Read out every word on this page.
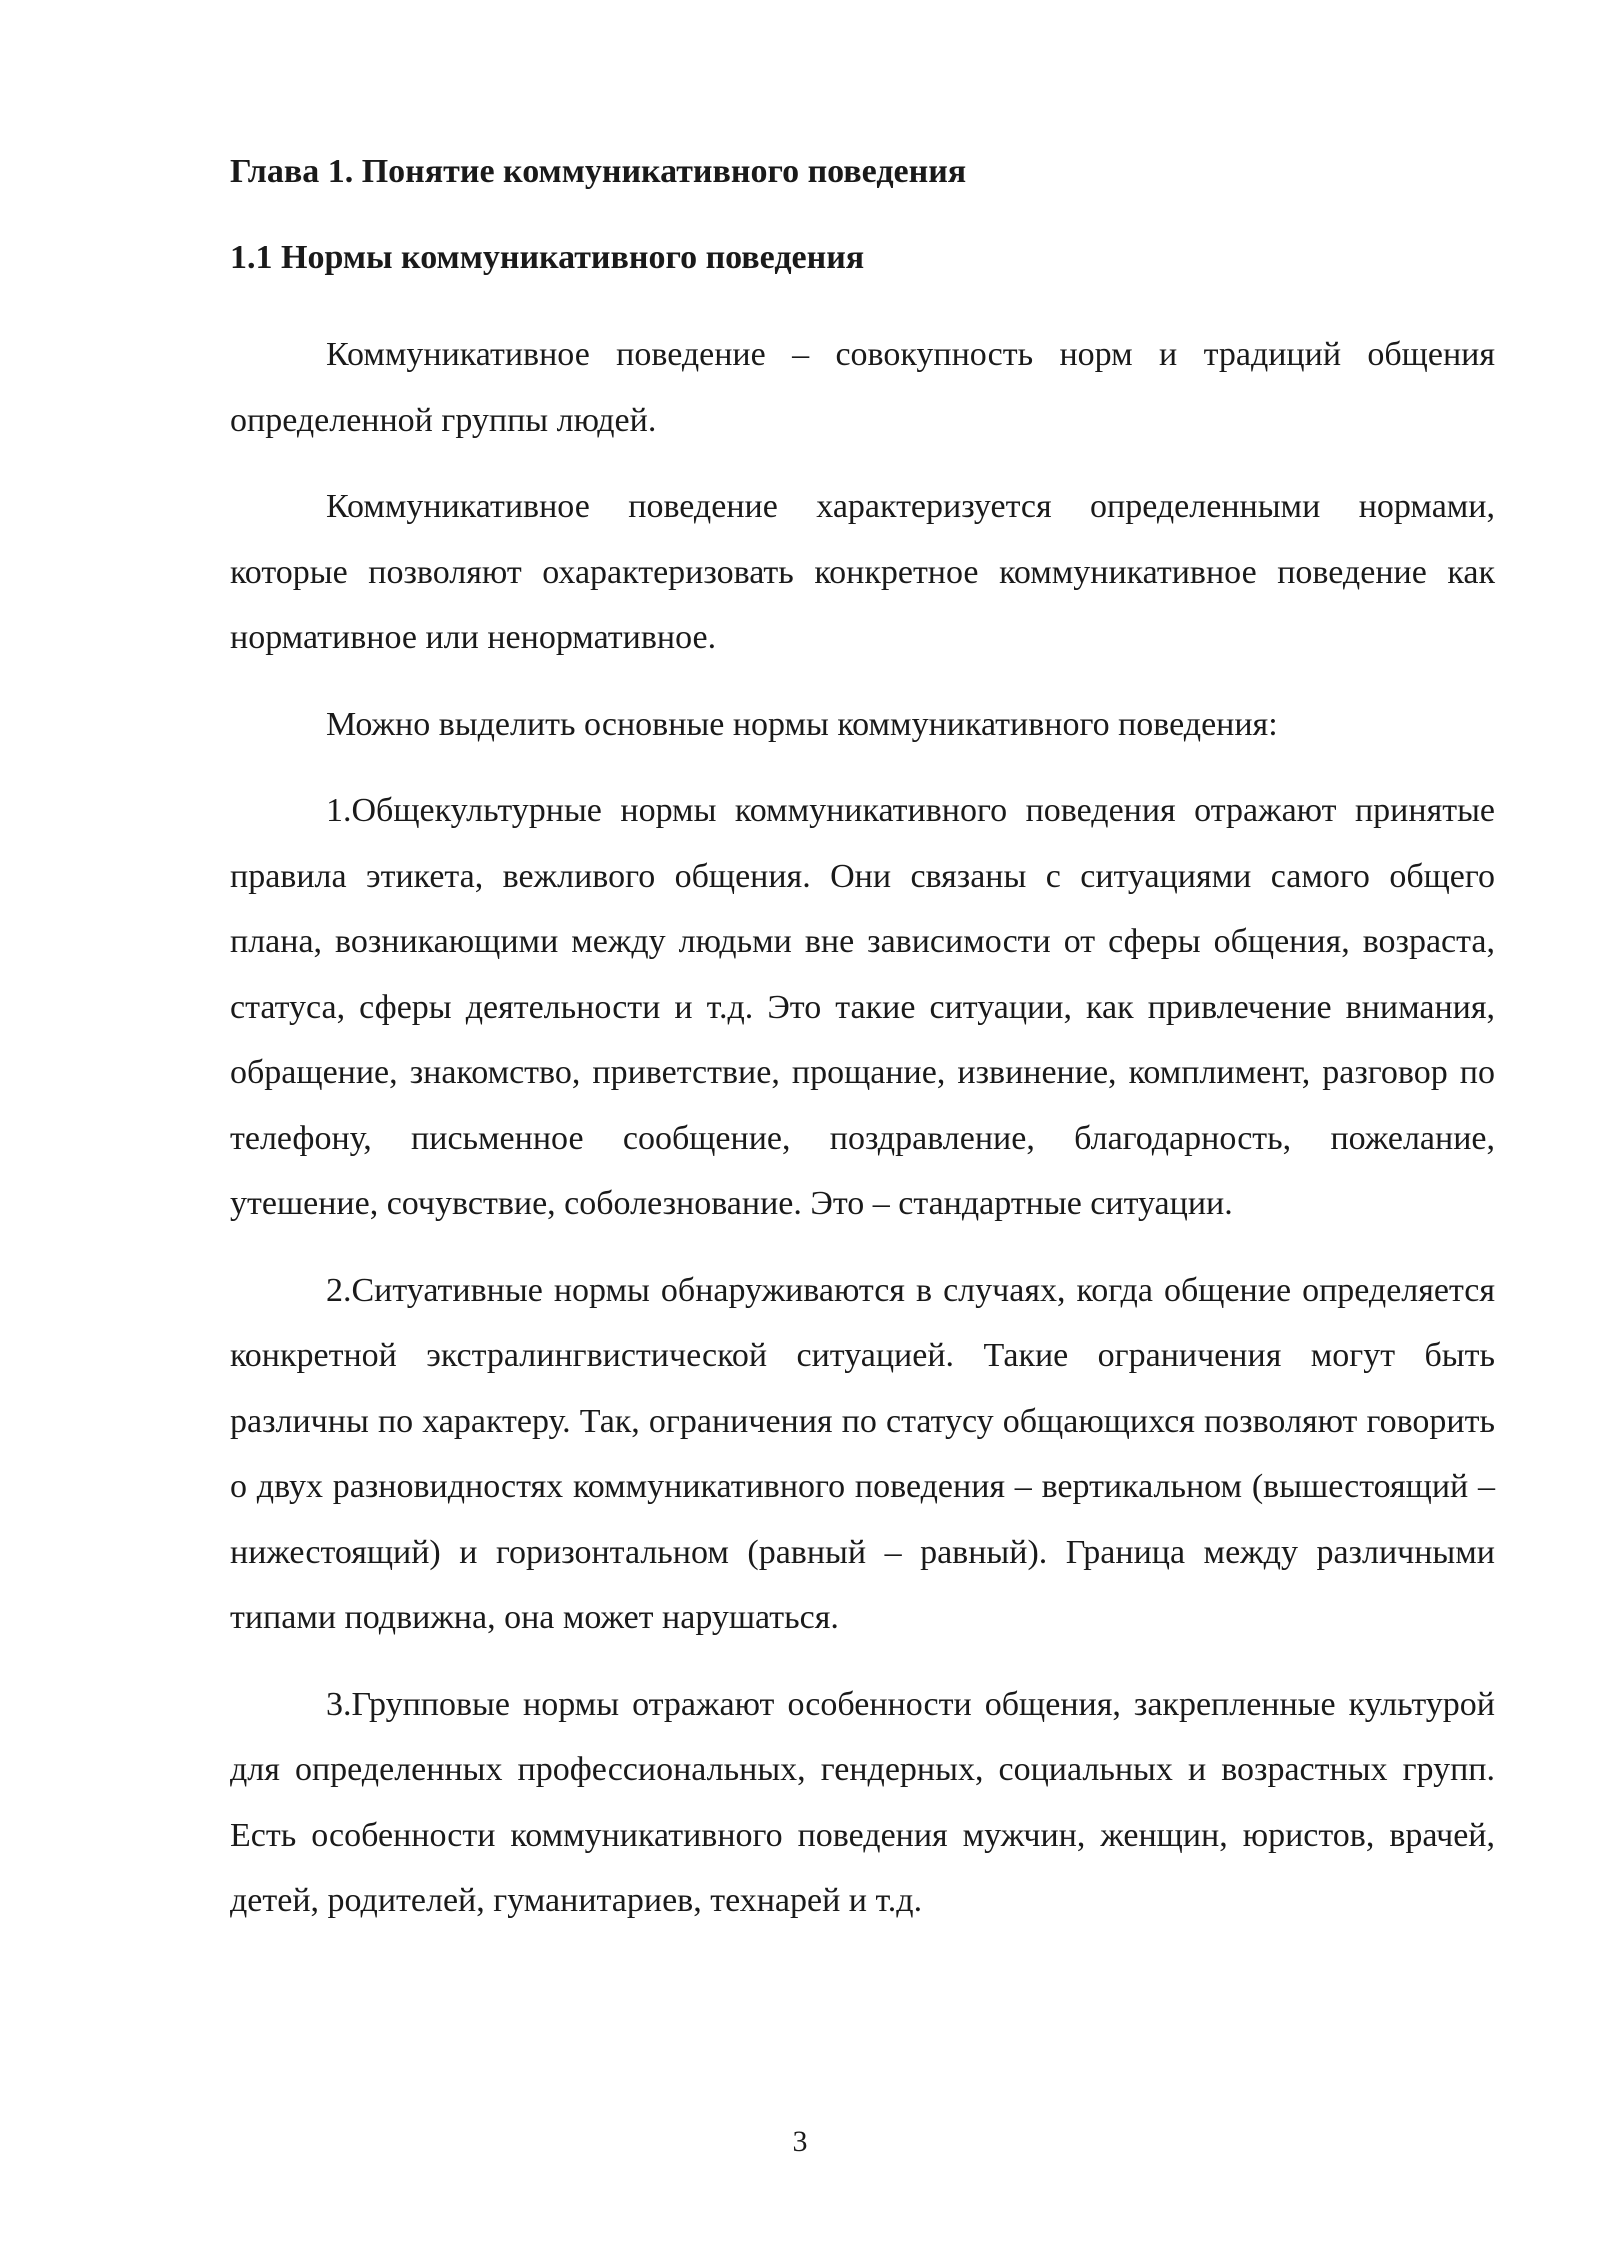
Глава 1. Понятие коммуникативного поведения
1.1 Нормы коммуникативного поведения

Коммуникативное поведение – совокупность норм и традиций общения определенной группы людей.

Коммуникативное поведение характеризуется определенными нормами, которые позволяют охарактеризовать конкретное коммуникативное поведение как нормативное или ненормативное.

Можно выделить основные нормы коммуникативного поведения:

1.Общекультурные нормы коммуникативного поведения отражают принятые правила этикета, вежливого общения. Они связаны с ситуациями самого общего плана, возникающими между людьми вне зависимости от сферы общения, возраста, статуса, сферы деятельности и т.д. Это такие ситуации, как привлечение внимания, обращение, знакомство, приветствие, прощание, извинение, комплимент, разговор по телефону, письменное сообщение, поздравление, благодарность, пожелание, утешение, сочувствие, соболезнование. Это – стандартные ситуации.

2.Ситуативные нормы обнаруживаются в случаях, когда общение определяется конкретной экстралингвистической ситуацией. Такие ограничения могут быть различны по характеру. Так, ограничения по статусу общающихся позволяют говорить о двух разновидностях коммуникативного поведения – вертикальном (вышестоящий – нижестоящий) и горизонтальном (равный – равный). Граница между различными типами подвижна, она может нарушаться.

3.Групповые нормы отражают особенности общения, закрепленные культурой для определенных профессиональных, гендерных, социальных и возрастных групп. Есть особенности коммуникативного поведения мужчин, женщин, юристов, врачей, детей, родителей, гуманитариев, технарей и т.д.

3
